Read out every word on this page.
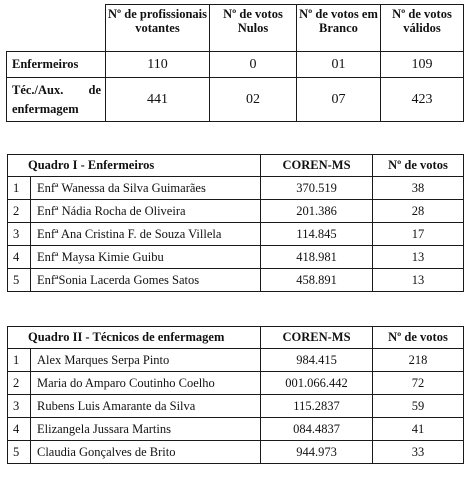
	Nº de profissionais votantes	Nº de votos Nulos	Nº de votos em Branco	Nº de votos válidos
Enfermeiros	110	0	01	109

Téc./Aux. de
enfermagem	441	02	07	423
Quadro I - Enfermeiros		COREN-MS	Nº de votos
1	Enfª Wanessa da Silva Guimarães	370.519	38
2	Enfª Nádia Rocha de Oliveira	201.386	28
3	Enfª Ana Cristina F. de Souza Villela	114.845	17
4	Enfª Maysa Kimie Guibu	418.981	13
5	EnfªSonia Lacerda Gomes Satos	458.891	13
Quadro II - Técnicos de enfermagem		COREN-MS	Nº de votos
1	Alex Marques Serpa Pinto	984.415	218
2	Maria do Amparo Coutinho Coelho	001.066.442	72
3	Rubens Luis Amarante da Silva	115.2837	59
4	Elizangela Jussara Martins	084.4837	41
5	Claudia Gonçalves de Brito	944.973	33
